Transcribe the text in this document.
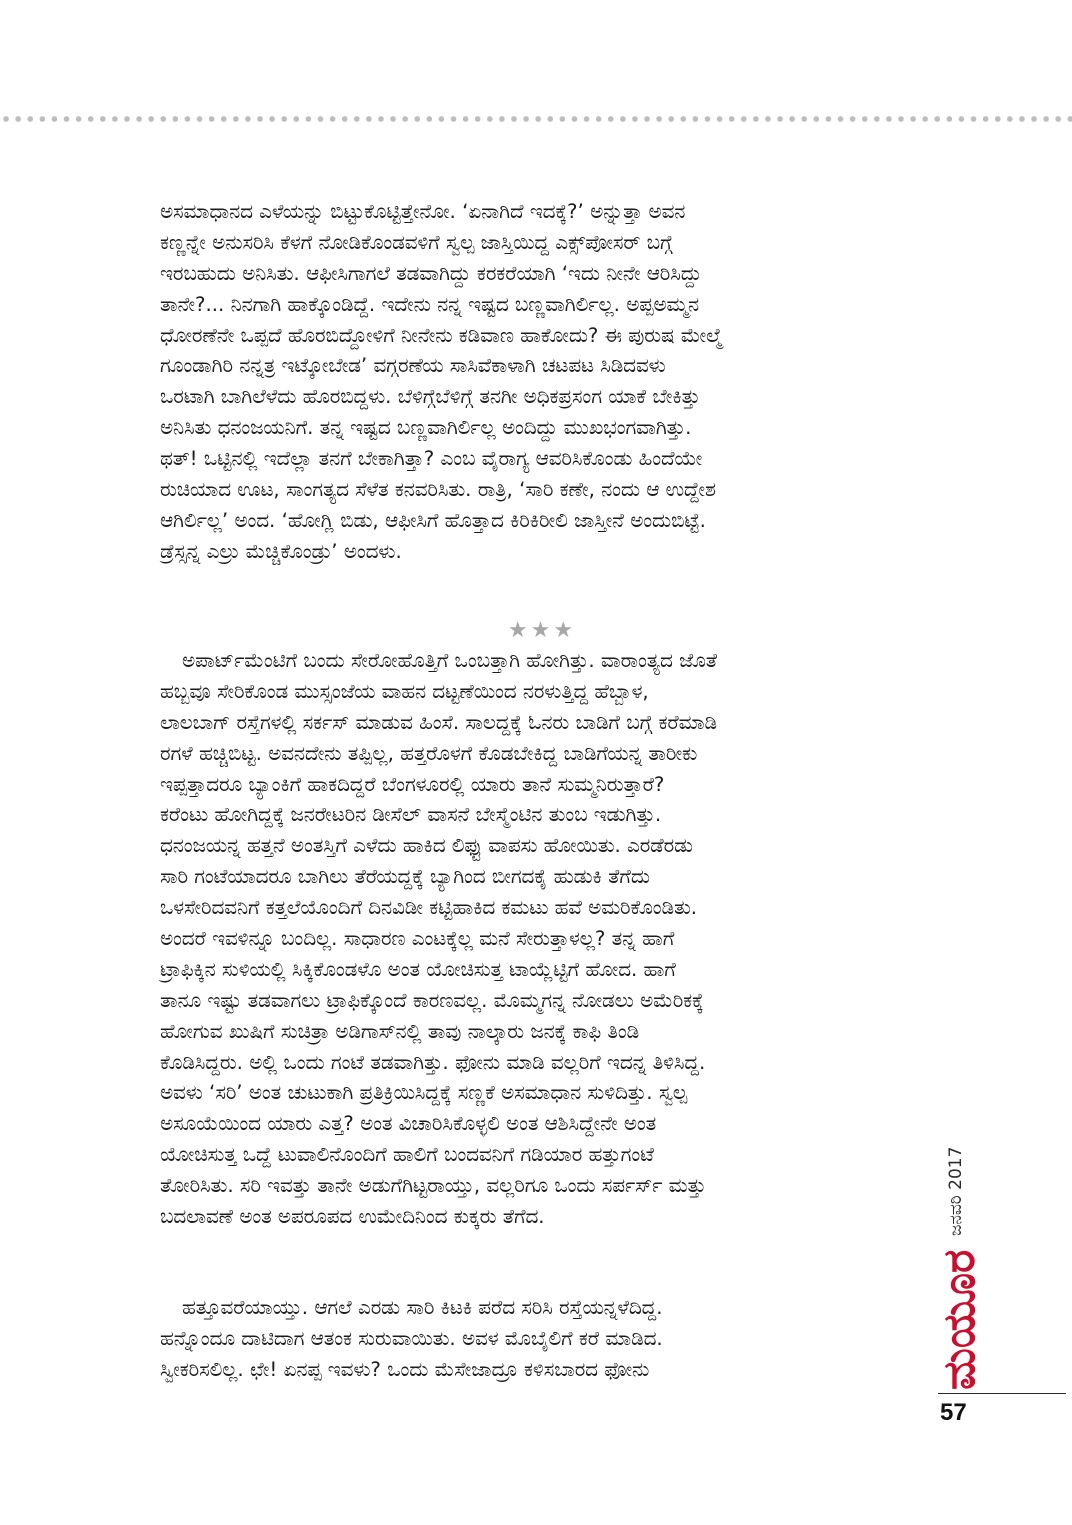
ಅಸಮಾಧಾನದ ಎಳೆಯನ್ನು ಬಿಟ್ಟುಕೊಟ್ಟಿತ್ತೇನೋ. ‘ಏನಾಗಿದೆ ಇದಕ್ಕೆ?’ ಅನ್ನುತ್ತಾ ಅವನ
ಕಣ್ಣನ್ನೇ ಅನುಸರಿಸಿ ಕೆಳಗೆ ನೋಡಿಕೊಂಡವಳಿಗೆ ಸ್ವಲ್ಪ ಜಾಸ್ತಿಯಿದ್ದ ಎಕ್ಸ್‌ಪೋಸರ್ ಬಗ್ಗೆ
ಇರಬಹುದು ಅನಿಸಿತು. ಆಫೀಸಿಗಾಗಲೆ ತಡವಾಗಿದ್ದು ಕರಕರೆಯಾಗಿ ‘ಇದು ನೀನೇ ಆರಿಸಿದ್ದು
ತಾನೇ?... ನಿನಗಾಗಿ ಹಾಕ್ಕೊಂಡಿದ್ದೆ. ಇದೇನು ನನ್ನ ಇಷ್ಟದ ಬಣ್ಣವಾಗಿರ್ಲಿಲ್ಲ. ಅಪ್ಪಅಮ್ಮನ
ಧೋರಣೆನೇ ಒಪ್ಪದೆ ಹೊರಬಿದ್ದೋಳಿಗೆ ನೀನೇನು ಕಡಿವಾಣ ಹಾಕೋದು? ಈ ಪುರುಷ ಮೇಲ್ಮೆ
ಗೂಂಡಾಗಿರಿ ನನ್ನತ್ರ ಇಟ್ಕೋಬೇಡ’ ವಗ್ಗರಣೆಯ ಸಾಸಿವೆಕಾಳಾಗಿ ಚಟಪಟ ಸಿಡಿದವಳು
ಒರಟಾಗಿ ಬಾಗಿಲೆಳೆದು ಹೊರಬಿದ್ದಳು. ಬೆಳಿಗ್ಗೆಬೆಳಿಗ್ಗೆ ತನಗೀ ಅಧಿಕಪ್ರಸಂಗ ಯಾಕೆ ಬೇಕಿತ್ತು
ಅನಿಸಿತು ಧನಂಜಯನಿಗೆ. ತನ್ನ ಇಷ್ಟದ ಬಣ್ಣವಾಗಿರ್ಲಿಲ್ಲ ಅಂದಿದ್ದು ಮುಖಭಂಗವಾಗಿತ್ತು.
ಥತ್! ಒಟ್ಟಿನಲ್ಲಿ ಇದೆಲ್ಲಾ ತನಗೆ ಬೇಕಾಗಿತ್ತಾ? ಎಂಬ ವೈರಾಗ್ಯ ಆವರಿಸಿಕೊಂಡು ಹಿಂದೆಯೇ
ರುಚಿಯಾದ ಊಟ, ಸಾಂಗತ್ಯದ ಸೆಳೆತ ಕನವರಿಸಿತು. ರಾತ್ರಿ, ‘ಸಾರಿ ಕಣೇ, ನಂದು ಆ ಉದ್ದೇಶ
ಆಗಿರ್ಲಿಲ್ಲ’ ಅಂದ. ‘ಹೋಗ್ಲಿ ಬಿಡು, ಆಫೀಸಿಗೆ ಹೊತ್ತಾದ ಕಿರಿಕಿರೀಲಿ ಜಾಸ್ತೀನೆ ಅಂದುಬಿಟ್ಟೆ.
ಡ್ರೆಸ್ಸನ್ನ ಎಲ್ರು ಮೆಚ್ಚಿಕೊಂಡ್ರು’ ಅಂದಳು.
★★★
ಅಪಾರ್ಟ್‌ಮೆಂಟಿಗೆ ಬಂದು ಸೇರೋಹೊತ್ತಿಗೆ ಒಂಬತ್ತಾಗಿ ಹೋಗಿತ್ತು. ವಾರಾಂತ್ಯದ ಜೊತೆ
ಹಬ್ಬವೂ ಸೇರಿಕೊಂಡ ಮುಸ್ಸಂಜೆಯ ವಾಹನ ದಟ್ಟಣೆಯಿಂದ ನರಳುತ್ತಿದ್ದ ಹೆಬ್ಬಾಳ,
ಲಾಲಬಾಗ್ ರಸ್ತೆಗಳಲ್ಲಿ ಸರ್ಕಸ್ ಮಾಡುವ ಹಿಂಸೆ. ಸಾಲದ್ದಕ್ಕೆ ಓನರು ಬಾಡಿಗೆ ಬಗ್ಗೆ ಕರೆಮಾಡಿ
ರಗಳೆ ಹಚ್ಚಿಬಿಟ್ಟ. ಅವನದೇನು ತಪ್ಪಿಲ್ಲ, ಹತ್ತರೊಳಗೆ ಕೊಡಬೇಕಿದ್ದ ಬಾಡಿಗೆಯನ್ನ ತಾರೀಕು
ಇಪ್ಪತ್ತಾದರೂ ಬ್ಯಾಂಕಿಗೆ ಹಾಕದಿದ್ದರೆ ಬೆಂಗಳೂರಲ್ಲಿ ಯಾರು ತಾನೆ ಸುಮ್ಮನಿರುತ್ತಾರೆ?
ಕರೆಂಟು ಹೋಗಿದ್ದಕ್ಕೆ ಜನರೇಟರಿನ ಡೀಸೆಲ್ ವಾಸನೆ ಬೇಸ್ಮೆಂಟಿನ ತುಂಬ ಇಡುಗಿತ್ತು.
ಧನಂಜಯನ್ನ ಹತ್ತನೆ ಅಂತಸ್ತಿಗೆ ಎಳೆದು ಹಾಕಿದ ಲಿಫ್ಟು ವಾಪಸು ಹೋಯಿತು. ಎರಡೆರಡು
ಸಾರಿ ಗಂಟೆಯಾದರೂ ಬಾಗಿಲು ತೆರೆಯದ್ದಕ್ಕೆ ಬ್ಯಾಗಿಂದ ಬೀಗದಕೈ ಹುಡುಕಿ ತೆಗೆದು
ಒಳಸೇರಿದವನಿಗೆ ಕತ್ತಲೆಯೊಂದಿಗೆ ದಿನವಿಡೀ ಕಟ್ಟಿಹಾಕಿದ ಕಮಟು ಹವೆ ಅಮರಿಕೊಂಡಿತು.
ಅಂದರೆ ಇವಳಿನ್ನೂ ಬಂದಿಲ್ಲ. ಸಾಧಾರಣ ಎಂಟಕ್ಕೆಲ್ಲ ಮನೆ ಸೇರುತ್ತಾಳಲ್ಲ? ತನ್ನ ಹಾಗೆ
ಟ್ರಾಫಿಕ್ಕಿನ ಸುಳಿಯಲ್ಲಿ ಸಿಕ್ಕಿಕೊಂಡಳೊ ಅಂತ ಯೋಚಿಸುತ್ತ ಟಾಯ್ಲೆಟ್ಟಿಗೆ ಹೋದ. ಹಾಗೆ
ತಾನೂ ಇಷ್ಟು ತಡವಾಗಲು ಟ್ರಾಫಿಕ್ಕೊಂದೆ ಕಾರಣವಲ್ಲ. ಮೊಮ್ಮಗನ್ನ ನೋಡಲು ಅಮೆರಿಕಕ್ಕೆ
ಹೋಗುವ ಖುಷಿಗೆ ಸುಚಿತ್ರಾ ಅಡಿಗಾಸ್‌ನಲ್ಲಿ ತಾವು ನಾಲ್ಕಾರು ಜನಕ್ಕೆ ಕಾಫಿ ತಿಂಡಿ
ಕೊಡಿಸಿದ್ದರು. ಅಲ್ಲಿ ಒಂದು ಗಂಟೆ ತಡವಾಗಿತ್ತು. ಫೋನು ಮಾಡಿ ವಲ್ಲರಿಗೆ ಇದನ್ನ ತಿಳಿಸಿದ್ದ.
ಅವಳು ‘ಸರಿ’ ಅಂತ ಚುಟುಕಾಗಿ ಪ್ರತಿಕ್ರಿಯಿಸಿದ್ದಕ್ಕೆ ಸಣ್ಣಕೆ ಅಸಮಾಧಾನ ಸುಳಿದಿತ್ತು. ಸ್ವಲ್ಪ
ಅಸೂಯೆಯಿಂದ ಯಾರು ಎತ್ತ? ಅಂತ ವಿಚಾರಿಸಿಕೊಳ್ಳಲಿ ಅಂತ ಆಶಿಸಿದ್ದೇನೇ ಅಂತ
ಯೋಚಿಸುತ್ತ ಒದ್ದೆ ಟುವಾಲಿನೊಂದಿಗೆ ಹಾಲಿಗೆ ಬಂದವನಿಗೆ ಗಡಿಯಾರ ಹತ್ತುಗಂಟೆ
ತೋರಿಸಿತು. ಸರಿ ಇವತ್ತು ತಾನೇ ಅಡುಗೆಗಿಟ್ಟರಾಯ್ತು, ವಲ್ಲರಿಗೂ ಒಂದು ಸರ್ಪರ್ಸ್ ಮತ್ತು
ಬದಲಾವಣೆ ಅಂತ ಅಪರೂಪದ ಉಮೇದಿನಿಂದ ಕುಕ್ಕರು ತೆಗೆದ.
ಹತ್ತೂವರೆಯಾಯ್ತು. ಆಗಲೆ ಎರಡು ಸಾರಿ ಕಿಟಕಿ ಪರೆದ ಸರಿಸಿ ರಸ್ತೆಯನ್ನಳೆದಿದ್ದ.
ಹನ್ನೊಂದೂ ದಾಟಿದಾಗ ಆತಂಕ ಸುರುವಾಯಿತು. ಅವಳ ಮೊಬೈಲಿಗೆ ಕರೆ ಮಾಡಿದ.
ಸ್ವೀಕರಿಸಲಿಲ್ಲ. ಛೇ! ಏನಪ್ಪ ಇವಳು? ಒಂದು ಮೆಸೇಜಾದ್ರೂ ಕಳಿಸಬಾರದ ಫೋನು
ಜನವರಿ 2017
ಮಯೂರ
57
